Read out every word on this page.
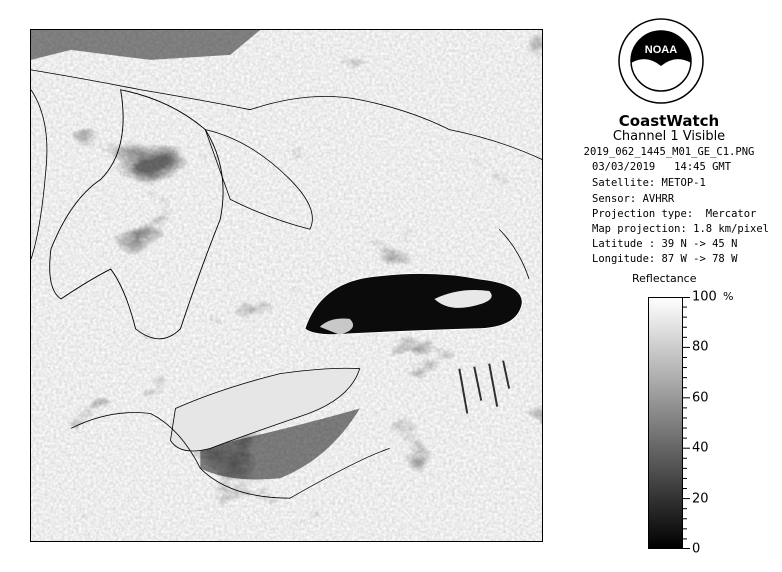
NOAA
CoastWatch
Channel 1 Visible
2019_062_1445_M01_GE_C1.PNG
03/03/2019   14:45 GMT
Satellite: METOP-1
Sensor: AVHRR
Projection type:  Mercator
Map projection: 1.8 km/pixel
Latitude : 39 N -> 45 N
Longitude: 87 W -> 78 W
Reflectance
%
100
80
60
40
20
0
